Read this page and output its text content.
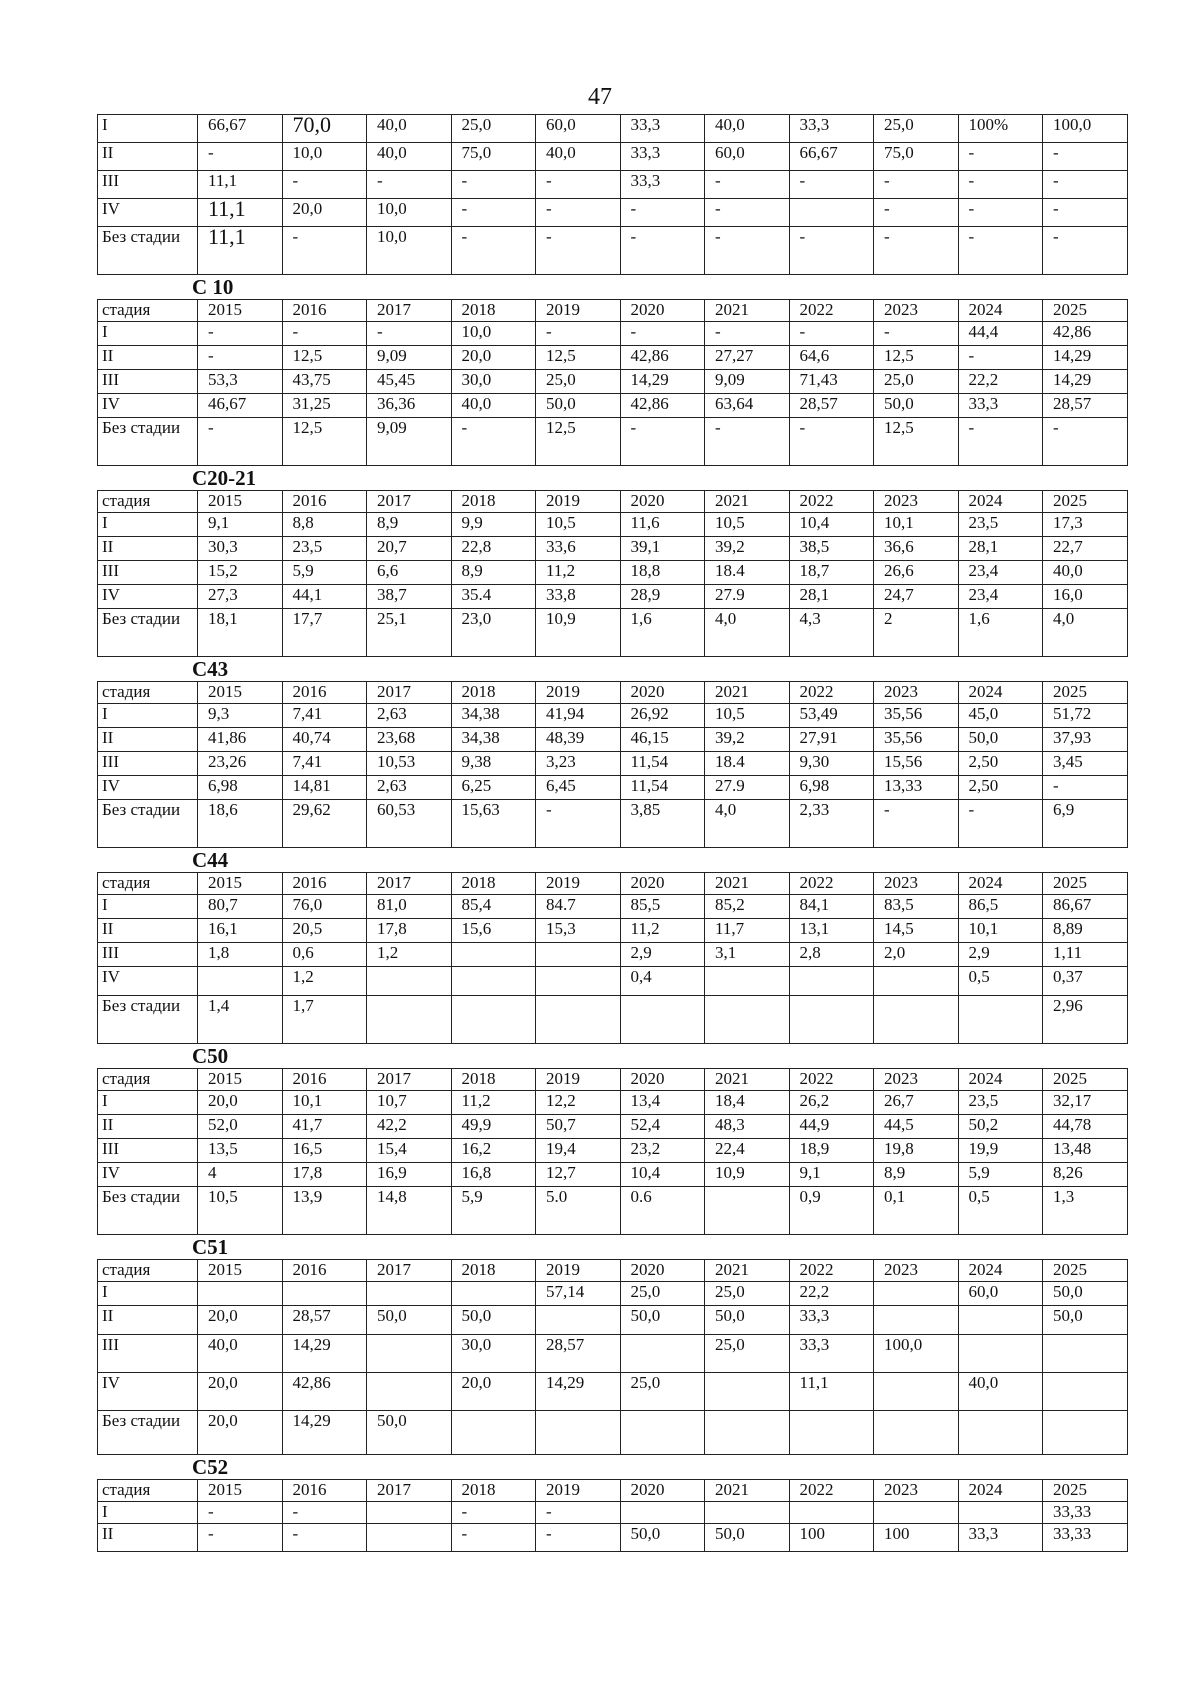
47
I	66,67	70,0	40,0	25,0	60,0	33,3	40,0	33,3	25,0	100%	100,0
II	-	10,0	40,0	75,0	40,0	33,3	60,0	66,67	75,0	-	-
III	11,1	-	-	-	-	33,3	-	-	-	-	-
IV	11,1	20,0	10,0	-	-	-	-		-	-	-
Без стадии	11,1	-	10,0	-	-	-	-	-	-	-	-
С 10
стадия	2015	2016	2017	2018	2019	2020	2021	2022	2023	2024	2025
I	-	-	-	10,0	-	-	-	-	-	44,4	42,86
II	-	12,5	9,09	20,0	12,5	42,86	27,27	64,6	12,5	-	14,29
III	53,3	43,75	45,45	30,0	25,0	14,29	9,09	71,43	25,0	22,2	14,29
IV	46,67	31,25	36,36	40,0	50,0	42,86	63,64	28,57	50,0	33,3	28,57
Без стадии	-	12,5	9,09	-	12,5	-	-	-	12,5	-	-
С20-21
стадия	2015	2016	2017	2018	2019	2020	2021	2022	2023	2024	2025
I	9,1	8,8	8,9	9,9	10,5	11,6	10,5	10,4	10,1	23,5	17,3
II	30,3	23,5	20,7	22,8	33,6	39,1	39,2	38,5	36,6	28,1	22,7
III	15,2	5,9	6,6	8,9	11,2	18,8	18.4	18,7	26,6	23,4	40,0
IV	27,3	44,1	38,7	35.4	33,8	28,9	27.9	28,1	24,7	23,4	16,0
Без стадии	18,1	17,7	25,1	23,0	10,9	1,6	4,0	4,3	2	1,6	4,0
С43
стадия	2015	2016	2017	2018	2019	2020	2021	2022	2023	2024	2025
I	9,3	7,41	2,63	34,38	41,94	26,92	10,5	53,49	35,56	45,0	51,72
II	41,86	40,74	23,68	34,38	48,39	46,15	39,2	27,91	35,56	50,0	37,93
III	23,26	7,41	10,53	9,38	3,23	11,54	18.4	9,30	15,56	2,50	3,45
IV	6,98	14,81	2,63	6,25	6,45	11,54	27.9	6,98	13,33	2,50	-
Без стадии	18,6	29,62	60,53	15,63	-	3,85	4,0	2,33	-	-	6,9
С44
стадия	2015	2016	2017	2018	2019	2020	2021	2022	2023	2024	2025
I	80,7	76,0	81,0	85,4	84.7	85,5	85,2	84,1	83,5	86,5	86,67
II	16,1	20,5	17,8	15,6	15,3	11,2	11,7	13,1	14,5	10,1	8,89
III	1,8	0,6	1,2			2,9	3,1	2,8	2,0	2,9	1,11
IV		1,2				0,4				0,5	0,37
Без стадии	1,4	1,7									2,96
С50
стадия	2015	2016	2017	2018	2019	2020	2021	2022	2023	2024	2025
I	20,0	10,1	10,7	11,2	12,2	13,4	18,4	26,2	26,7	23,5	32,17
II	52,0	41,7	42,2	49,9	50,7	52,4	48,3	44,9	44,5	50,2	44,78
III	13,5	16,5	15,4	16,2	19,4	23,2	22,4	18,9	19,8	19,9	13,48
IV	4	17,8	16,9	16,8	12,7	10,4	10,9	9,1	8,9	5,9	8,26
Без стадии	10,5	13,9	14,8	5,9	5.0	0.6		0,9	0,1	0,5	1,3
С51
стадия	2015	2016	2017	2018	2019	2020	2021	2022	2023	2024	2025
I					57,14	25,0	25,0	22,2		60,0	50,0
II	20,0	28,57	50,0	50,0		50,0	50,0	33,3			50,0
III	40,0	14,29		30,0	28,57		25,0	33,3	100,0		
IV	20,0	42,86		20,0	14,29	25,0		11,1		40,0	
Без стадии	20,0	14,29	50,0								
С52
стадия	2015	2016	2017	2018	2019	2020	2021	2022	2023	2024	2025
I	-	-		-	-						33,33
II	-	-		-	-	50,0	50,0	100	100	33,3	33,33
